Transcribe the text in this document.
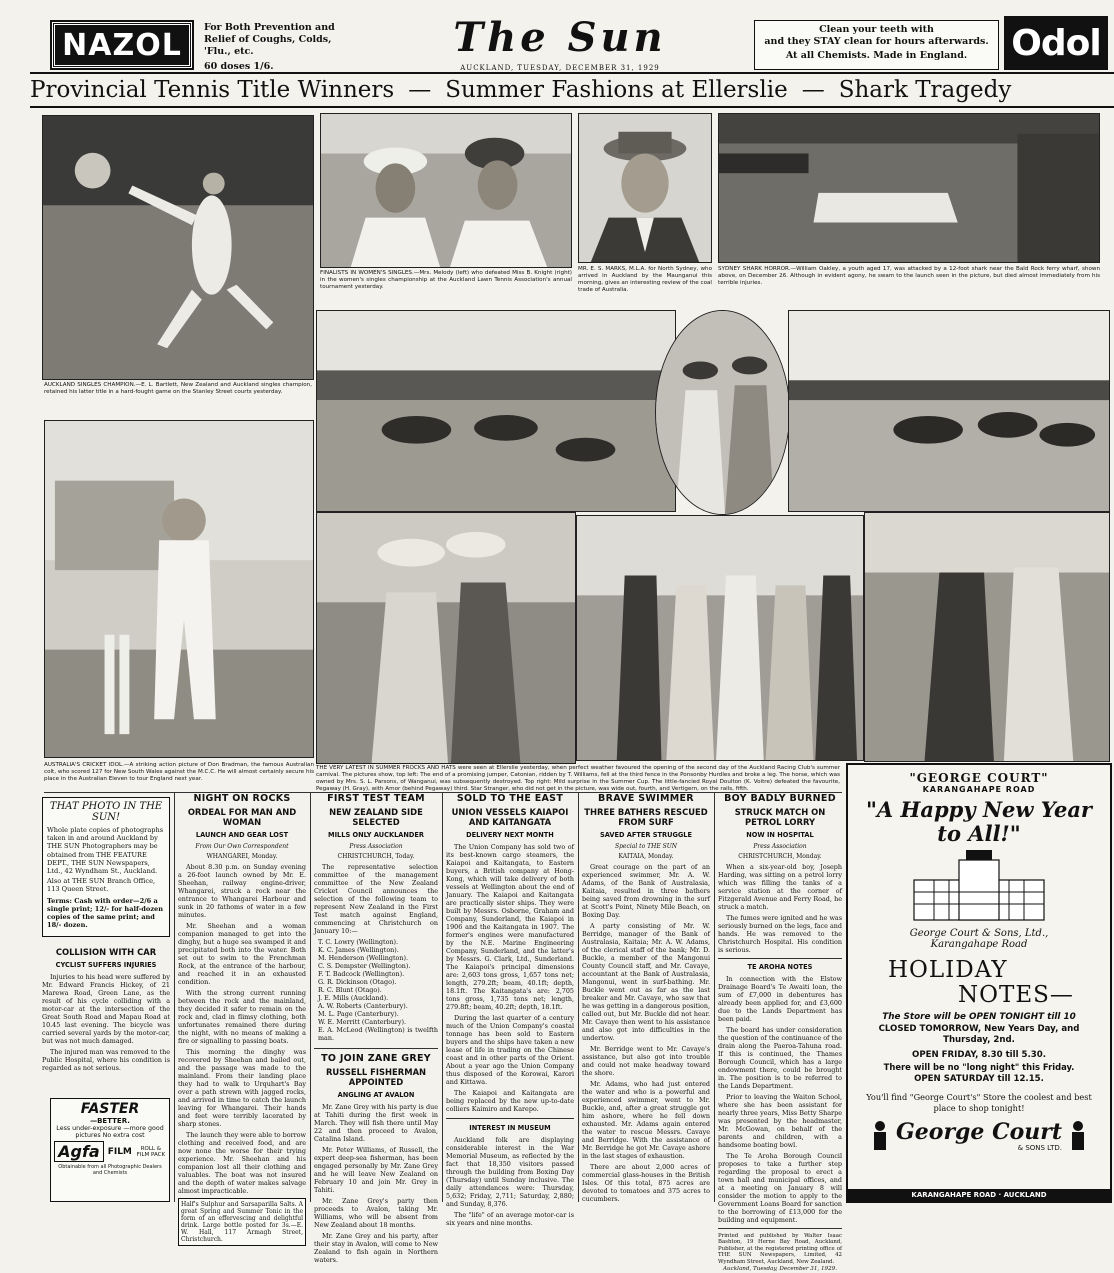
NAZOL	For Both Prevention and Relief of Coughs, Colds, 'Flu., etc.
60 doses 1/6.
The Sun
AUCKLAND, TUESDAY, DECEMBER 31, 1929
Clean your teeth with
and they STAY clean for hours afterwards.
At all Chemists. Made in England.	Odol
Provincial Tennis Title Winners — Summer Fashions at Ellerslie — Shark Tragedy
AUCKLAND SINGLES CHAMPION.—E. L. Bartlett, New Zealand and Auckland singles champion, retained his latter title in a hard-fought game on the Stanley Street courts yesterday.
FINALISTS IN WOMEN'S SINGLES.—Mrs. Melody (left) who defeated Miss B. Knight (right) in the women's singles championship at the Auckland Lawn Tennis Association's annual tournament yesterday.
MR. E. S. MARKS, M.L.A. for North Sydney, who arrived in Auckland by the Maunganui this morning, gives an interesting review of the coal trade of Australia.
SYDNEY SHARK HORROR.—William Oakley, a youth aged 17, was attacked by a 12-foot shark near the Bald Rock ferry wharf, shown above, on December 26. Although in evident agony, he swam to the launch seen in the picture, but died almost immediately from his terrible injuries.
AUSTRALIA'S CRICKET IDOL.—A striking action picture of Don Bradman, the famous Australian colt, who scored 127 for New South Wales against the M.C.C. He will almost certainly secure his place in the Australian Eleven to tour England next year.
THE VERY LATEST IN SUMMER FROCKS AND HATS were seen at Ellerslie yesterday, when perfect weather favoured the opening of the second day of the Auckland Racing Club's summer carnival. The pictures show, top left: The end of a promising jumper, Catonian, ridden by T. Williams, fell at the third fence in the Ponsonby Hurdles and broke a leg. The horse, which was owned by Mrs. S. L. Parsons, of Wanganui, was subsequently destroyed. Top right: Mild surprise in the Summer Cup. The little-fancied Royal Doulton (K. Voitre) defeated the favourite, Pegaway (H. Gray), with Amor (behind Pegaway) third. Star Stranger, who did not get in the picture, was wide out, fourth, and Vertigern, on the rails, fifth.
THAT PHOTO IN THE SUN!
Whole plate copies of photographs taken in and around Auckland by THE SUN Photographers may be obtained from THE FEATURE DEPT., THE SUN Newspapers, Ltd., 42 Wyndham St., Auckland.
Also at THE SUN Branch Office, 113 Queen Street.
Terms: Cash with order—2/6 a single print; 12/- for half-dozen copies of the same print; and 18/- dozen.
COLLISION WITH CAR
CYCLIST SUFFERS INJURIES

Injuries to his head were suffered by Mr. Edward Francis Hickey, of 21 Marewa Road, Green Lane, as the result of his cycle colliding with a motor-car at the intersection of the Great South Road and Mapau Road at 10.45 last evening. The bicycle was carried several yards by the motor-car, but was not much damaged.

The injured man was removed to the Public Hospital, where his condition is regarded as not serious.

FASTER
—BETTER.
Less under-exposure —more good pictures No extra cost
Agfa FILM	ROLL & FILM PACK
Obtainable from all Photographic Dealers and Chemists
NIGHT ON ROCKS
ORDEAL FOR MAN AND WOMAN
LAUNCH AND GEAR LOST
From Our Own Correspondent
WHANGAREI, Monday.

About 8.30 p.m. on Sunday evening a 26-foot launch owned by Mr. E. Sheehan, railway engine-driver, Whangarei, struck a rock near the entrance to Whangarei Harbour and sunk in 20 fathoms of water in a few minutes.

Mr. Sheehan and a woman companion managed to get into the dinghy, but a huge sea swamped it and precipitated both into the water. Both set out to swim to the Frenchman Rock, at the entrance of the harbour, and reached it in an exhausted condition.

With the strong current running between the rock and the mainland, they decided it safer to remain on the rock and, clad in flimsy clothing, both unfortunates remained there during the night, with no means of making a fire or signalling to passing boats.

This morning the dinghy was recovered by Sheehan and bailed out, and the passage was made to the mainland. From their landing place they had to walk to Urquhart's Bay over a path strewn with jagged rocks, and arrived in time to catch the launch leaving for Whangarei. Their hands and feet were terribly lacerated by sharp stones.

The launch they were able to borrow clothing and received food, and are now none the worse for their trying experience. Mr. Sheehan and his companion lost all their clothing and valuables. The boat was not insured and the depth of water makes salvage almost impracticable.

Half's Sulphur and Sarsaparilla Salts. A great Spring and Summer Tonic in the form of an effervescing and delightful drink. Large bottle posted for 3s.—E. W. Hall, 117 Armagh Street, Christchurch.
FIRST TEST TEAM
NEW ZEALAND SIDE SELECTED
MILLS ONLY AUCKLANDER
Press Association
CHRISTCHURCH, Today.

The representative selection committee of the management committee of the New Zealand Cricket Council announces the selection of the following team to represent New Zealand in the First Test match against England, commencing at Christchurch on January 10:—

T. C. Lowry (Wellington).
K. C. James (Wellington).
M. Henderson (Wellington).
C. S. Dempster (Wellington).
F. T. Badcock (Wellington).
G. R. Dickinson (Otago).
R. C. Blunt (Otago).
J. E. Mills (Auckland).
A. W. Roberts (Canterbury).
M. L. Page (Canterbury).
W. E. Merritt (Canterbury).
E. A. McLeod (Wellington) is twelfth man.
TO JOIN ZANE GREY
RUSSELL FISHERMAN APPOINTED
ANGLING AT AVALON

Mr. Zane Grey with his party is due at Tahiti during the first week in March. They will fish there until May 22 and then proceed to Avalon, Catalina Island.

Mr. Peter Williams, of Russell, the expert deep-sea fisherman, has been engaged personally by Mr. Zane Grey and he will leave New Zealand on February 10 and join Mr. Grey in Tahiti.

Mr. Zane Grey's party then proceeds to Avalon, taking Mr. Williams, who will be absent from New Zealand about 18 months.

Mr. Zane Grey and his party, after their stay in Avalon, will come to New Zealand to fish again in Northern waters.

SOLD TO THE EAST
UNION VESSELS KAIAPOI AND KAITANGATA
DELIVERY NEXT MONTH

The Union Company has sold two of its best-known cargo steamers, the Kaiapoi and Kaitangata, to Eastern buyers, a British company at Hong-Kong, which will take delivery of both vessels at Wellington about the end of January. The Kaiapoi and Kaitangata are practically sister ships. They were built by Messrs. Osborne, Graham and Company, Sunderland, the Kaiapoi in 1906 and the Kaitangata in 1907. The former's engines were manufactured by the N.E. Marine Engineering Company, Sunderland, and the latter's by Messrs. G. Clark, Ltd., Sunderland. The Kaiapoi's principal dimensions are: 2,603 tons gross, 1,657 tons net; length, 279.2ft; beam, 40.1ft; depth, 18.1ft. The Kaitangata's are: 2,705 tons gross, 1,735 tons net; length, 279.8ft; beam, 40.2ft; depth, 18.1ft.

During the last quarter of a century much of the Union Company's coastal tonnage has been sold to Eastern buyers and the ships have taken a new lease of life in trading on the Chinese coast and in other parts of the Orient. About a year ago the Union Company thus disposed of the Korowai, Karori and Kittawa.

The Kaiapoi and Kaitangata are being replaced by the new up-to-date colliers Kaimiro and Karepo.

INTEREST IN MUSEUM

Auckland folk are displaying considerable interest in the War Memorial Museum, as reflected by the fact that 18,350 visitors passed through the building from Boxing Day (Thursday) until Sunday inclusive. The daily attendances were: Thursday, 5,632; Friday, 2,711; Saturday, 2,880; and Sunday, 8,376.

The "life" of an average motor-car is six years and nine months.

BRAVE SWIMMER
THREE BATHERS RESCUED FROM SURF
SAVED AFTER STRUGGLE
Special to THE SUN
KAITAIA, Monday.

Great courage on the part of an experienced swimmer, Mr. A. W. Adams, of the Bank of Australasia, Kaitaia, resulted in three bathers being saved from drowning in the surf at Scott's Point, Ninety Mile Beach, on Boxing Day.

A party consisting of Mr. W. Berridge, manager of the Bank of Australasia, Kaitaia; Mr. A. W. Adams, of the clerical staff of the bank; Mr. D. Buckle, a member of the Mangonui County Council staff, and Mr. Cavaye, accountant at the Bank of Australasia, Mangonui, went in surf-bathing. Mr. Buckle went out as far as the last breaker and Mr. Cavaye, who saw that he was getting in a dangerous position, called out, but Mr. Buckle did not hear. Mr. Cavaye then went to his assistance and also got into difficulties in the undertow.

Mr. Berridge went to Mr. Cavaye's assistance, but also got into trouble and could not make headway toward the shore.

Mr. Adams, who had just entered the water and who is a powerful and experienced swimmer, went to Mr. Buckle, and, after a great struggle got him ashore, where he fell down exhausted. Mr. Adams again entered the water to rescue Messrs. Cavaye and Berridge. With the assistance of Mr. Berridge he got Mr. Cavaye ashore in the last stages of exhaustion.

There are about 2,000 acres of commercial glass-houses in the British Isles. Of this total, 875 acres are devoted to tomatoes and 375 acres to cucumbers.

BOY BADLY BURNED
STRUCK MATCH ON PETROL LORRY
NOW IN HOSPITAL
Press Association
CHRISTCHURCH, Monday.

When a six-year-old boy, Joseph Harding, was sitting on a petrol lorry which was filling the tanks of a service station at the corner of Fitzgerald Avenue and Ferry Road, he struck a match.

The fumes were ignited and he was seriously burned on the legs, face and hands. He was removed to the Christchurch Hospital. His condition is serious.

TE AROHA NOTES

In connection with the Elstow Drainage Board's Te Awaiti loan, the sum of £7,000 in debentures has already been applied for, and £3,600 due to the Lands Department has been paid.

The board has under consideration the question of the continuance of the drain along the Paeroa-Tahuna road. If this is continued, the Thames Borough Council, which has a large endowment there, could be brought in. The position is to be referred to the Lands Department.

Prior to leaving the Waiton School, where she has been assistant for nearly three years, Miss Betty Sharpe was presented by the headmaster, Mr. McGowan, on behalf of the parents and children, with a handsome boating bowl.

The Te Aroha Borough Council proposes to take a further step regarding the proposal to erect a town hall and municipal offices, and at a meeting on January 8 will consider the motion to apply to the Government Loans Board for sanction to the borrowing of £13,000 for the building and equipment.

Printed and published by Walter Isaac Bashton, 19 Herne Bay Road, Auckland, Publisher, at the registered printing office of THE SUN Newspapers, Limited, 42 Wyndham Street, Auckland, New Zealand.
Auckland, Tuesday, December 31, 1929.
"GEORGE COURT"
KARANGAHAPE ROAD
"A Happy New Year to All!"
George Court & Sons, Ltd.,
Karangahape Road
HOLIDAY
NOTES—
The Store will be OPEN TONIGHT till 10
CLOSED TOMORROW, New Years Day, and Thursday, 2nd.
OPEN FRIDAY, 8.30 till 5.30.
There will be no "long night" this Friday.
OPEN SATURDAY till 12.15.
You'll find "George Court's" Store the coolest and best place to shop tonight!
George Court
& SONS LTD.
KARANGAHAPE ROAD · AUCKLAND
